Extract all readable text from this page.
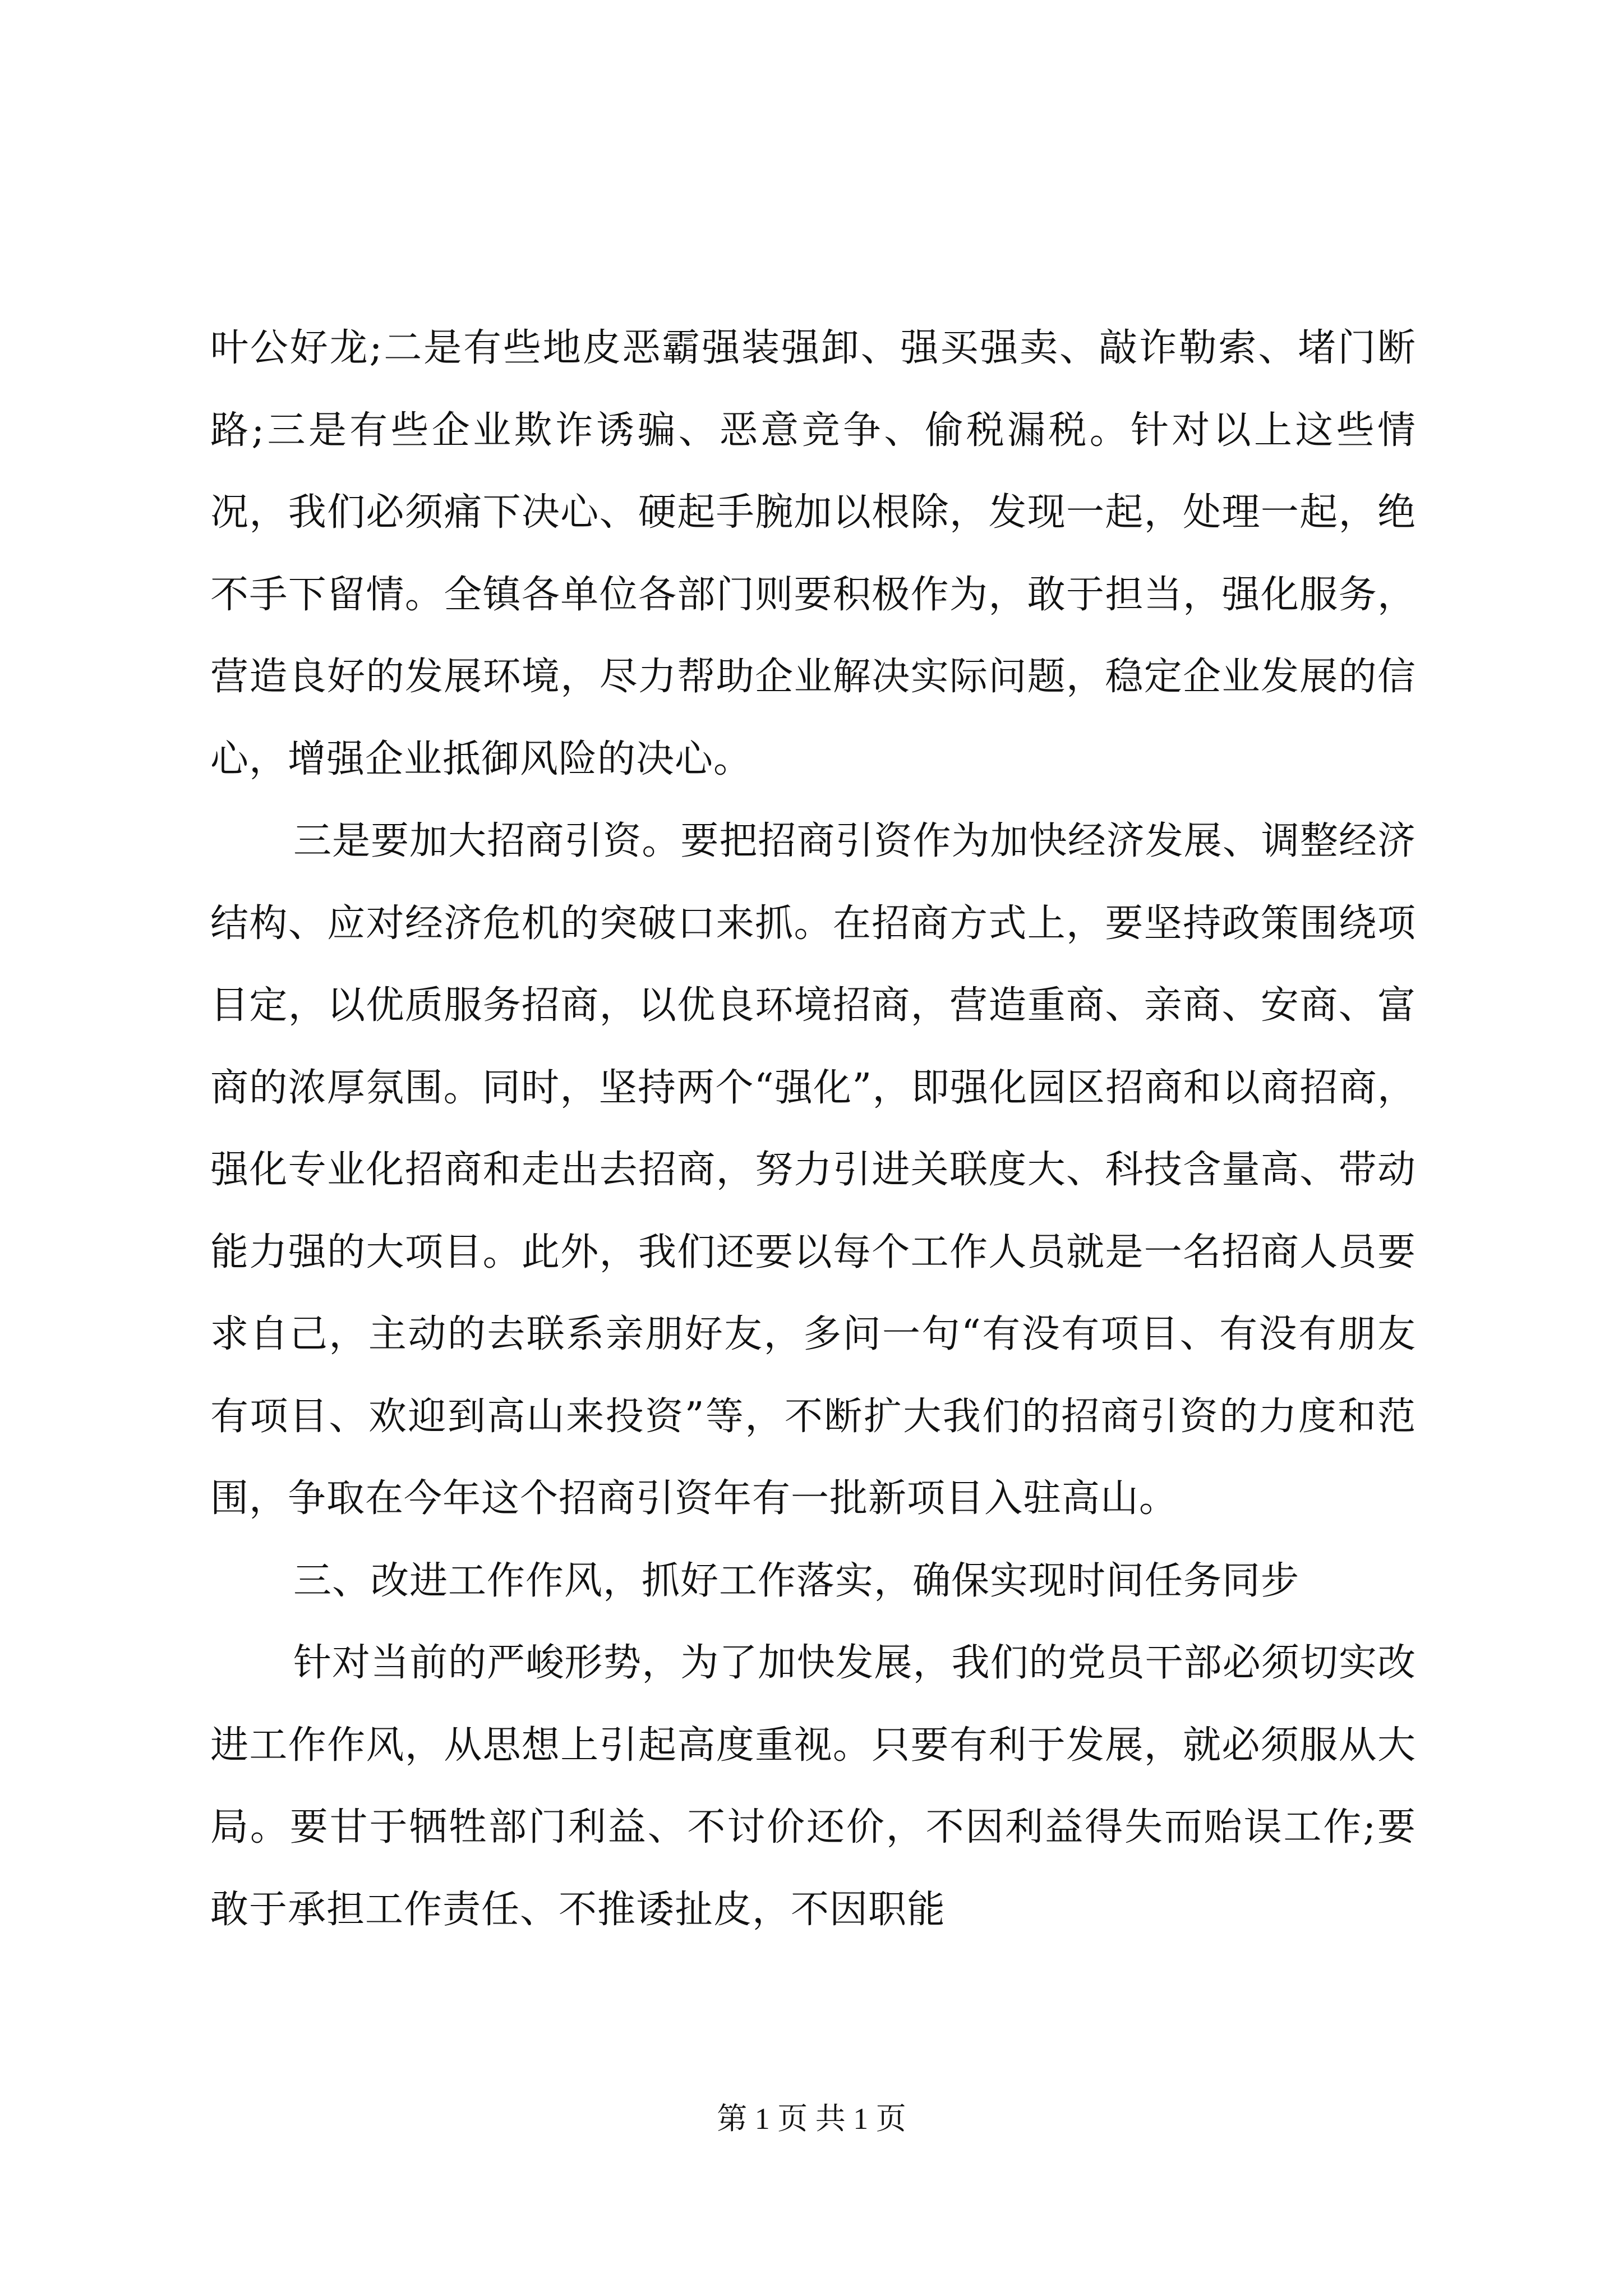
叶公好龙;二是有些地皮恶霸强装强卸、强买强卖、敲诈勒索、堵门断路;三是有些企业欺诈诱骗、恶意竞争、偷税漏税。针对以上这些情况，我们必须痛下决心、硬起手腕加以根除，发现一起，处理一起，绝不手下留情。全镇各单位各部门则要积极作为，敢于担当，强化服务，营造良好的发展环境，尽力帮助企业解决实际问题，稳定企业发展的信心，增强企业抵御风险的决心。

三是要加大招商引资。要把招商引资作为加快经济发展、调整经济结构、应对经济危机的突破口来抓。在招商方式上，要坚持政策围绕项目定，以优质服务招商，以优良环境招商，营造重商、亲商、安商、富商的浓厚氛围。同时，坚持两个“强化”，即强化园区招商和以商招商，强化专业化招商和走出去招商，努力引进关联度大、科技含量高、带动能力强的大项目。此外，我们还要以每个工作人员就是一名招商人员要求自己，主动的去联系亲朋好友，多问一句“有没有项目、有没有朋友有项目、欢迎到高山来投资”等，不断扩大我们的招商引资的力度和范围，争取在今年这个招商引资年有一批新项目入驻高山。

三、改进工作作风，抓好工作落实，确保实现时间任务同步

针对当前的严峻形势，为了加快发展，我们的党员干部必须切实改进工作作风，从思想上引起高度重视。只要有利于发展，就必须服从大局。要甘于牺牲部门利益、不讨价还价，不因利益得失而贻误工作;要敢于承担工作责任、不推诿扯皮，不因职能

第 1 页 共 1 页
